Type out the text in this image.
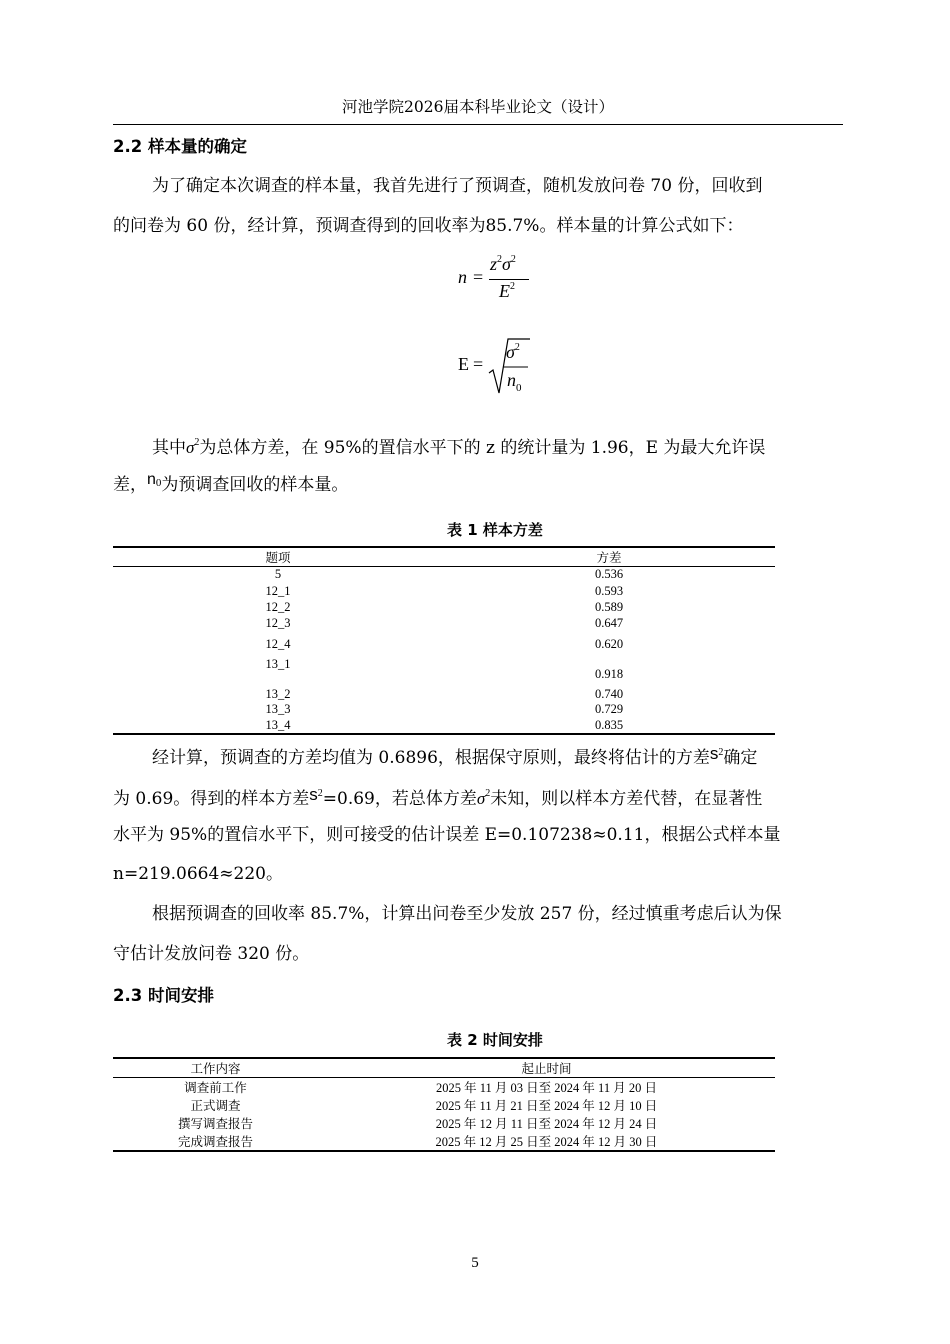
河池学院2026届本科毕业论文（设计）
2.2 样本量的确定
为了确定本次调查的样本量，我首先进行了预调查，随机发放问卷 70 份，回收到
的问卷为 60 份，经计算，预调查得到的回收率为85.7%。样本量的计算公式如下：
n =
$z^2\sigma^2$
$E^2$
E =
$\sigma^2$
$n_0$
其中$\sigma^2$为总体方差，在 95%的置信水平下的 z 的统计量为 1.96，E 为最大允许误
差，$n^0$为预调查回收的样本量。
表 1 样本方差
题项	方差
5	0.536
12_1	0.593
12_2	0.589
12_3	0.647
12_4	0.620
13_1	0.918
13_2	0.740
13_3	0.729
13_4	0.835
经计算，预调查的方差均值为 0.6896，根据保守原则，最终将估计的方差$s^2$确定
为 0.69。得到的样本方差$s^2=0.69$，若总体方差$\sigma^2$未知，则以样本方差代替，在显著性
水平为 95%的置信水平下，则可接受的估计误差 E=0.107238≈0.11，根据公式样本量
n=219.0664≈220。
根据预调查的回收率 85.7%，计算出问卷至少发放 257 份，经过慎重考虑后认为保
守估计发放问卷 320 份。
2.3 时间安排
表 2 时间安排
工作内容	起止时间
调查前工作	2025 年 11 月 03 日至 2024 年 11 月 20 日
正式调查	2025 年 11 月 21 日至 2024 年 12 月 10 日
撰写调查报告	2025 年 12 月 11 日至 2024 年 12 月 24 日
完成调查报告	2025 年 12 月 25 日至 2024 年 12 月 30 日
5
